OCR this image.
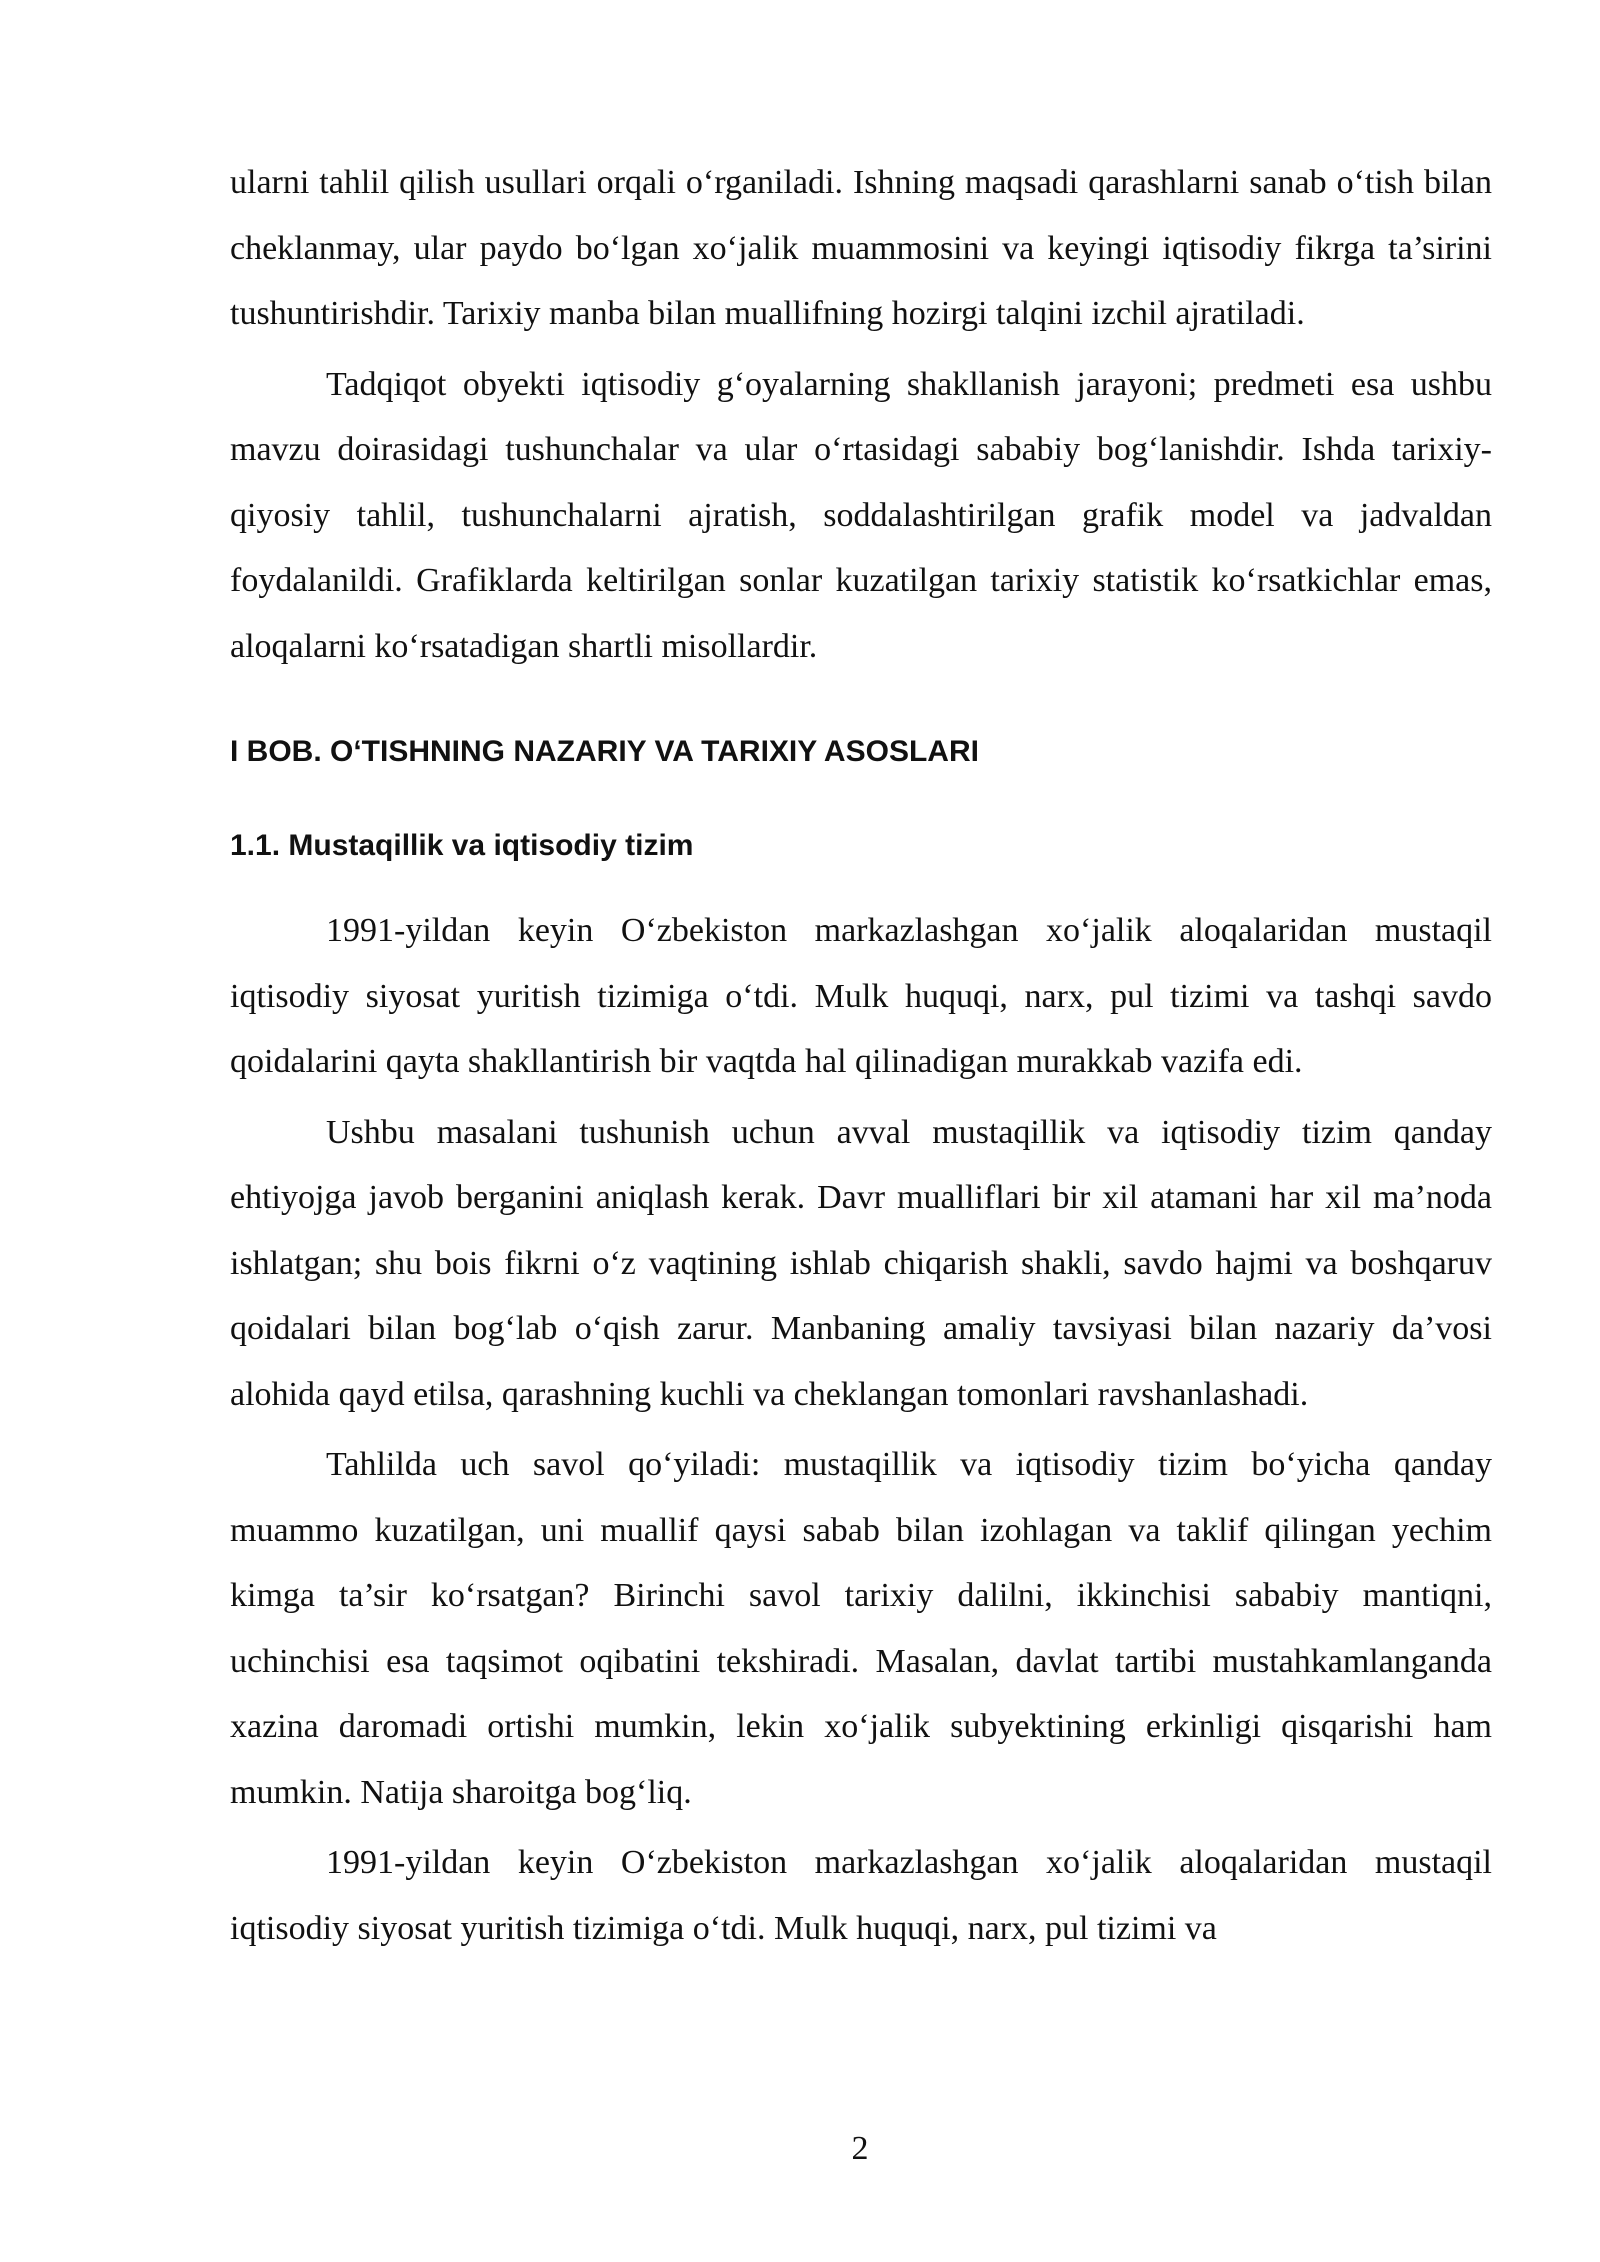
ularni tahlil qilish usullari orqali o‘rganiladi. Ishning maqsadi qarashlarni sanab o‘tish bilan cheklanmay, ular paydo bo‘lgan xo‘jalik muammosini va keyingi iqtisodiy fikrga ta’sirini tushuntirishdir. Tarixiy manba bilan muallifning hozirgi talqini izchil ajratiladi.

Tadqiqot obyekti iqtisodiy g‘oyalarning shakllanish jarayoni; predmeti esa ushbu mavzu doirasidagi tushunchalar va ular o‘rtasidagi sababiy bog‘lanishdir. Ishda tarixiy-qiyosiy tahlil, tushunchalarni ajratish, soddalashtirilgan grafik model va jadvaldan foydalanildi. Grafiklarda keltirilgan sonlar kuzatilgan tarixiy statistik ko‘rsatkichlar emas, aloqalarni ko‘rsatadigan shartli misollardir.

I BOB. O‘TISHNING NAZARIY VA TARIXIY ASOSLARI
1.1. Mustaqillik va iqtisodiy tizim

1991-yildan keyin O‘zbekiston markazlashgan xo‘jalik aloqalaridan mustaqil iqtisodiy siyosat yuritish tizimiga o‘tdi. Mulk huquqi, narx, pul tizimi va tashqi savdo qoidalarini qayta shakllantirish bir vaqtda hal qilinadigan murakkab vazifa edi.

Ushbu masalani tushunish uchun avval mustaqillik va iqtisodiy tizim qanday ehtiyojga javob berganini aniqlash kerak. Davr mualliflari bir xil atamani har xil ma’noda ishlatgan; shu bois fikrni o‘z vaqtining ishlab chiqarish shakli, savdo hajmi va boshqaruv qoidalari bilan bog‘lab o‘qish zarur. Manbaning amaliy tavsiyasi bilan nazariy da’vosi alohida qayd etilsa, qarashning kuchli va cheklangan tomonlari ravshanlashadi.

Tahlilda uch savol qo‘yiladi: mustaqillik va iqtisodiy tizim bo‘yicha qanday muammo kuzatilgan, uni muallif qaysi sabab bilan izohlagan va taklif qilingan yechim kimga ta’sir ko‘rsatgan? Birinchi savol tarixiy dalilni, ikkinchisi sababiy mantiqni, uchinchisi esa taqsimot oqibatini tekshiradi. Masalan, davlat tartibi mustahkamlanganda xazina daromadi ortishi mumkin, lekin xo‘jalik subyektining erkinligi qisqarishi ham mumkin. Natija sharoitga bog‘liq.

1991-yildan keyin O‘zbekiston markazlashgan xo‘jalik aloqalaridan mustaqil iqtisodiy siyosat yuritish tizimiga o‘tdi. Mulk huquqi, narx, pul tizimi va

2
